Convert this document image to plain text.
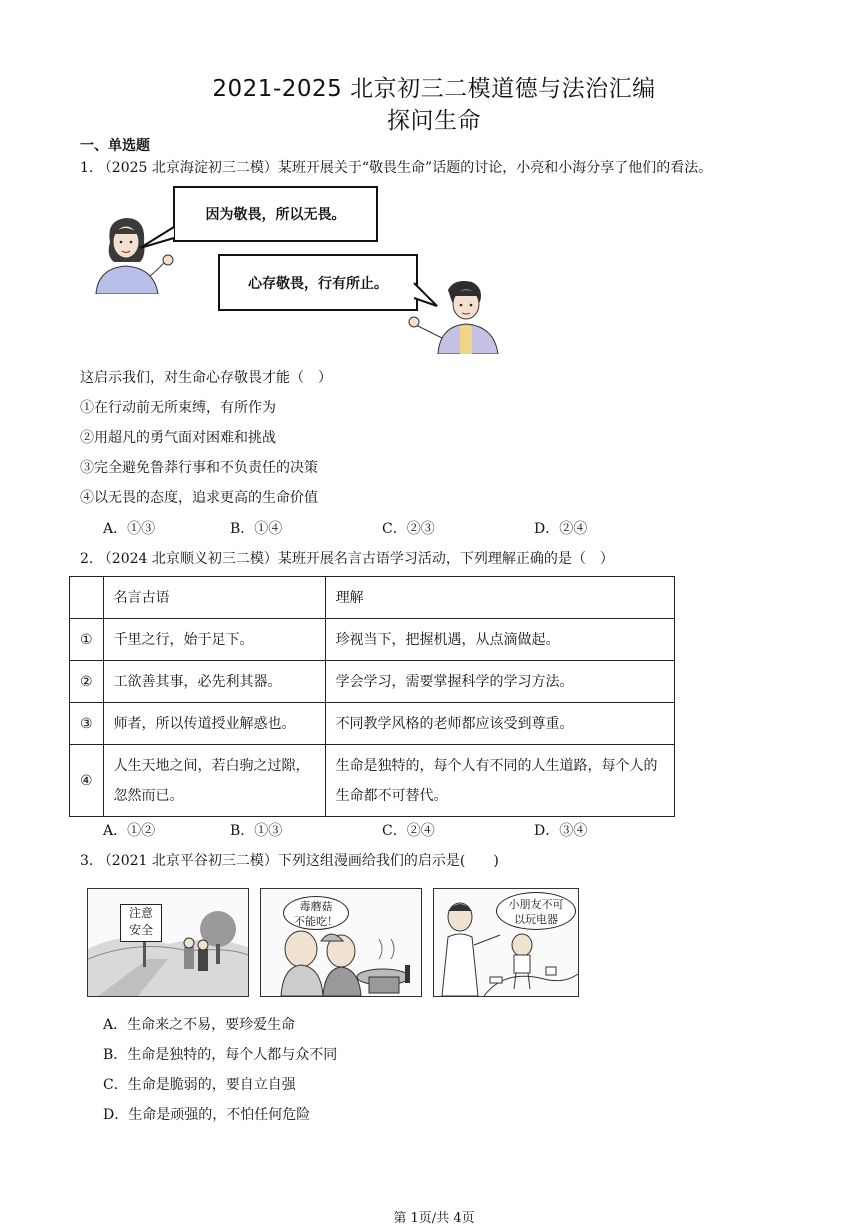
2021-2025 北京初三二模道德与法治汇编
探问生命
一、单选题
1. （2025 北京海淀初三二模）某班开展关于“敬畏生命”话题的讨论，小亮和小海分享了他们的看法。
因为敬畏，所以无畏。
心存敬畏，行有所止。
这启示我们，对生命心存敬畏才能（　）
①在行动前无所束缚，有所作为
②用超凡的勇气面对困难和挑战
③完全避免鲁莽行事和不负责任的决策
④以无畏的态度，追求更高的生命价值
A．①③	B．①④	C．②③	D．②④
2. （2024 北京顺义初三二模）某班开展名言古语学习活动，下列理解正确的是（　）
	名言古语	理解
①	千里之行，始于足下。	珍视当下，把握机遇，从点滴做起。
②	工欲善其事，必先利其器。	学会学习，需要掌握科学的学习方法。
③	师者，所以传道授业解惑也。	不同教学风格的老师都应该受到尊重。
④	人生天地之间，若白驹之过隙，忽然而已。	生命是独特的，每个人有不同的人生道路，每个人的生命都不可替代。
A．①②	B．①③	C．②④	D．③④
3. （2021 北京平谷初三二模）下列这组漫画给我们的启示是(　　)
注意
安全
毒蘑菇
不能吃！
小朋友不可
以玩电器
A．生命来之不易，要珍爱生命
B．生命是独特的，每个人都与众不同
C．生命是脆弱的，要自立自强
D．生命是顽强的，不怕任何危险
第 1页/共 4页
